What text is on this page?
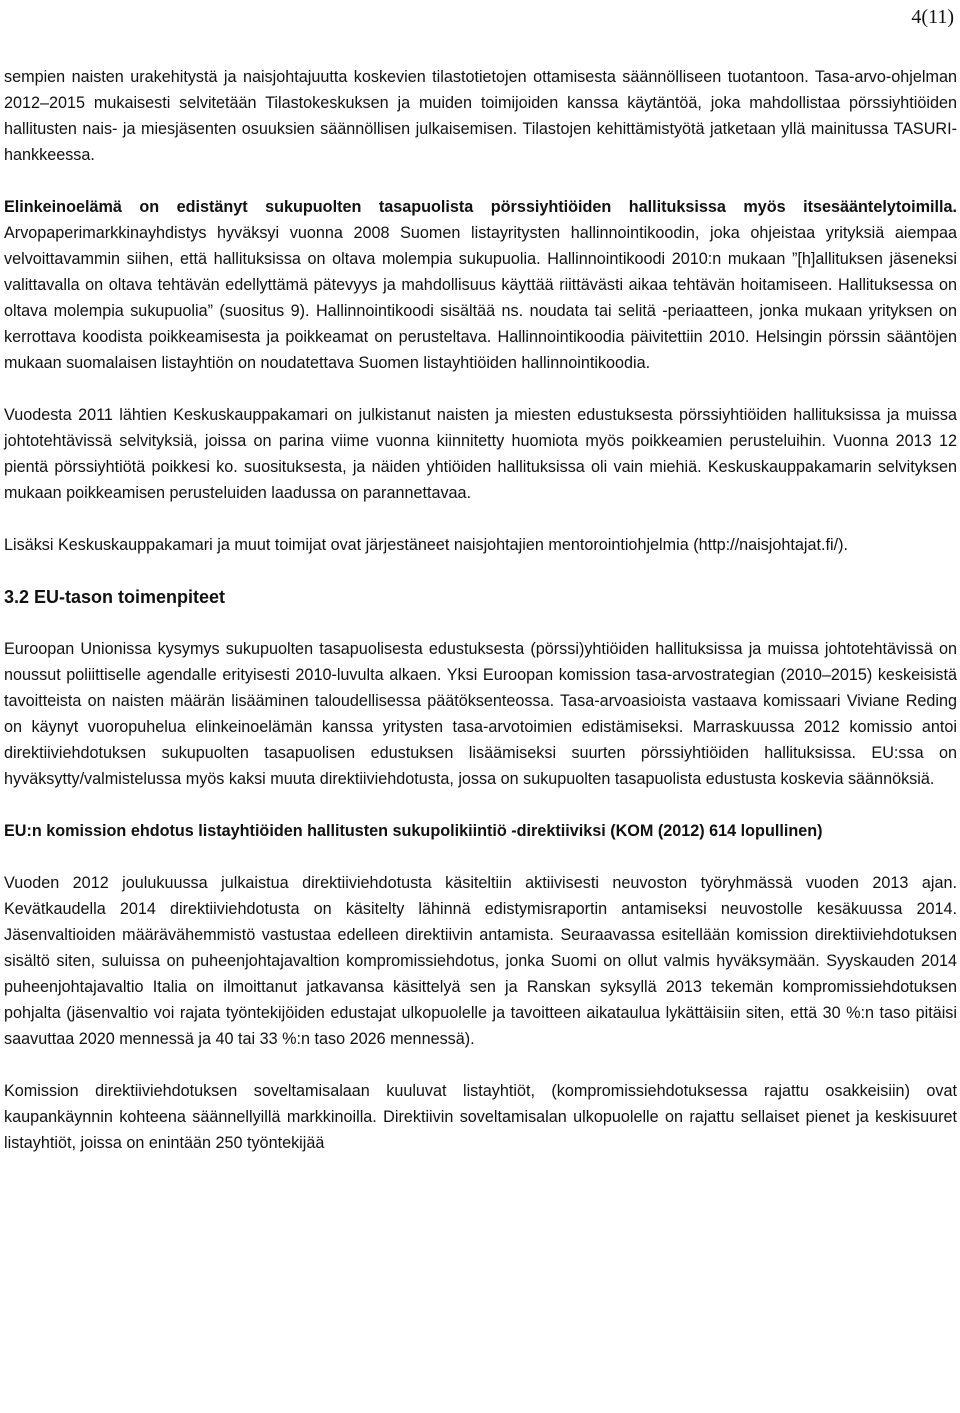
4(11)

sempien naisten urakehitystä ja naisjohtajuutta koskevien tilastotietojen ottamisesta säännölliseen tuotantoon. Tasa-arvo-ohjelman 2012–2015 mukaisesti selvitetään Tilastokeskuksen ja muiden toimijoiden kanssa käytäntöä, joka mahdollistaa pörssiyhtiöiden hallitusten nais- ja miesjäsenten osuuksien säännöllisen julkaisemisen. Tilastojen kehittämistyötä jatketaan yllä mainitussa TASURI-hankkeessa.

Elinkeinoelämä on edistänyt sukupuolten tasapuolista pörssiyhtiöiden hallituksissa myös itsesääntelytoimilla. Arvopaperimarkkinayhdistys hyväksyi vuonna 2008 Suomen listayritysten hallinnointikoodin, joka ohjeistaa yrityksiä aiempaa velvoittavammin siihen, että hallituksissa on oltava molempia sukupuolia. Hallinnointikoodi 2010:n mukaan ”[h]allituksen jäseneksi valittavalla on oltava tehtävän edellyttämä pätevyys ja mahdollisuus käyttää riittävästi aikaa tehtävän hoitamiseen. Hallituksessa on oltava molempia sukupuolia” (suositus 9). Hallinnointikoodi sisältää ns. noudata tai selitä -periaatteen, jonka mukaan yrityksen on kerrottava koodista poikkeamisesta ja poikkeamat on perusteltava. Hallinnointikoodia päivitettiin 2010. Helsingin pörssin sääntöjen mukaan suomalaisen listayhtiön on noudatettava Suomen listayhtiöiden hallinnointikoodia.

Vuodesta 2011 lähtien Keskuskauppakamari on julkistanut naisten ja miesten edustuksesta pörssiyhtiöiden hallituksissa ja muissa johtotehtävissä selvityksiä, joissa on parina viime vuonna kiinnitetty huomiota myös poikkeamien perusteluihin. Vuonna 2013 12 pientä pörssiyhtiötä poikkesi ko. suosituksesta, ja näiden yhtiöiden hallituksissa oli vain miehiä. Keskuskauppakamarin selvityksen mukaan poikkeamisen perusteluiden laadussa on parannettavaa.

Lisäksi Keskuskauppakamari ja muut toimijat ovat järjestäneet naisjohtajien mentorointiohjelmia (http://naisjohtajat.fi/).

3.2 EU-tason toimenpiteet

Euroopan Unionissa kysymys sukupuolten tasapuolisesta edustuksesta (pörssi)yhtiöiden hallituksissa ja muissa johtotehtävissä on noussut poliittiselle agendalle erityisesti 2010-luvulta alkaen. Yksi Euroopan komission tasa-arvostrategian (2010–2015) keskeisistä tavoitteista on naisten määrän lisääminen taloudellisessa päätöksenteossa. Tasa-arvoasioista vastaava komissaari Viviane Reding on käynyt vuoropuhelua elinkeinoelämän kanssa yritysten tasa-arvotoimien edistämiseksi. Marraskuussa 2012 komissio antoi direktiiviehdotuksen sukupuolten tasapuolisen edustuksen lisäämiseksi suurten pörssiyhtiöiden hallituksissa. EU:ssa on hyväksytty/valmistelussa myös kaksi muuta direktiiviehdotusta, jossa on sukupuolten tasapuolista edustusta koskevia säännöksiä.

EU:n komission ehdotus listayhtiöiden hallitusten sukupolikiintiö -direktiiviksi (KOM (2012) 614 lopullinen)

Vuoden 2012 joulukuussa julkaistua direktiiviehdotusta käsiteltiin aktiivisesti neuvoston työryhmässä vuoden 2013 ajan. Kevätkaudella 2014 direktiiviehdotusta on käsitelty lähinnä edistymisraportin antamiseksi neuvostolle kesäkuussa 2014. Jäsenvaltioiden määrävähemmistö vastustaa edelleen direktiivin antamista. Seuraavassa esitellään komission direktiiviehdotuksen sisältö siten, suluissa on puheenjohtajavaltion kompromissiehdotus, jonka Suomi on ollut valmis hyväksymään. Syyskauden 2014 puheenjohtajavaltio Italia on ilmoittanut jatkavansa käsittelyä sen ja Ranskan syksyllä 2013 tekemän kompromissiehdotuksen pohjalta (jäsenvaltio voi rajata työntekijöiden edustajat ulkopuolelle ja tavoitteen aikataulua lykättäisiin siten, että 30 %:n taso pitäisi saavuttaa 2020 mennessä ja 40 tai 33 %:n taso 2026 mennessä).

Komission direktiiviehdotuksen soveltamisalaan kuuluvat listayhtiöt, (kompromissiehdotuksessa rajattu osakkeisiin) ovat kaupankäynnin kohteena säännellyillä markkinoilla. Direktiivin soveltamisalan ulkopuolelle on rajattu sellaiset pienet ja keskisuuret listayhtiöt, joissa on enintään 250 työntekijää
